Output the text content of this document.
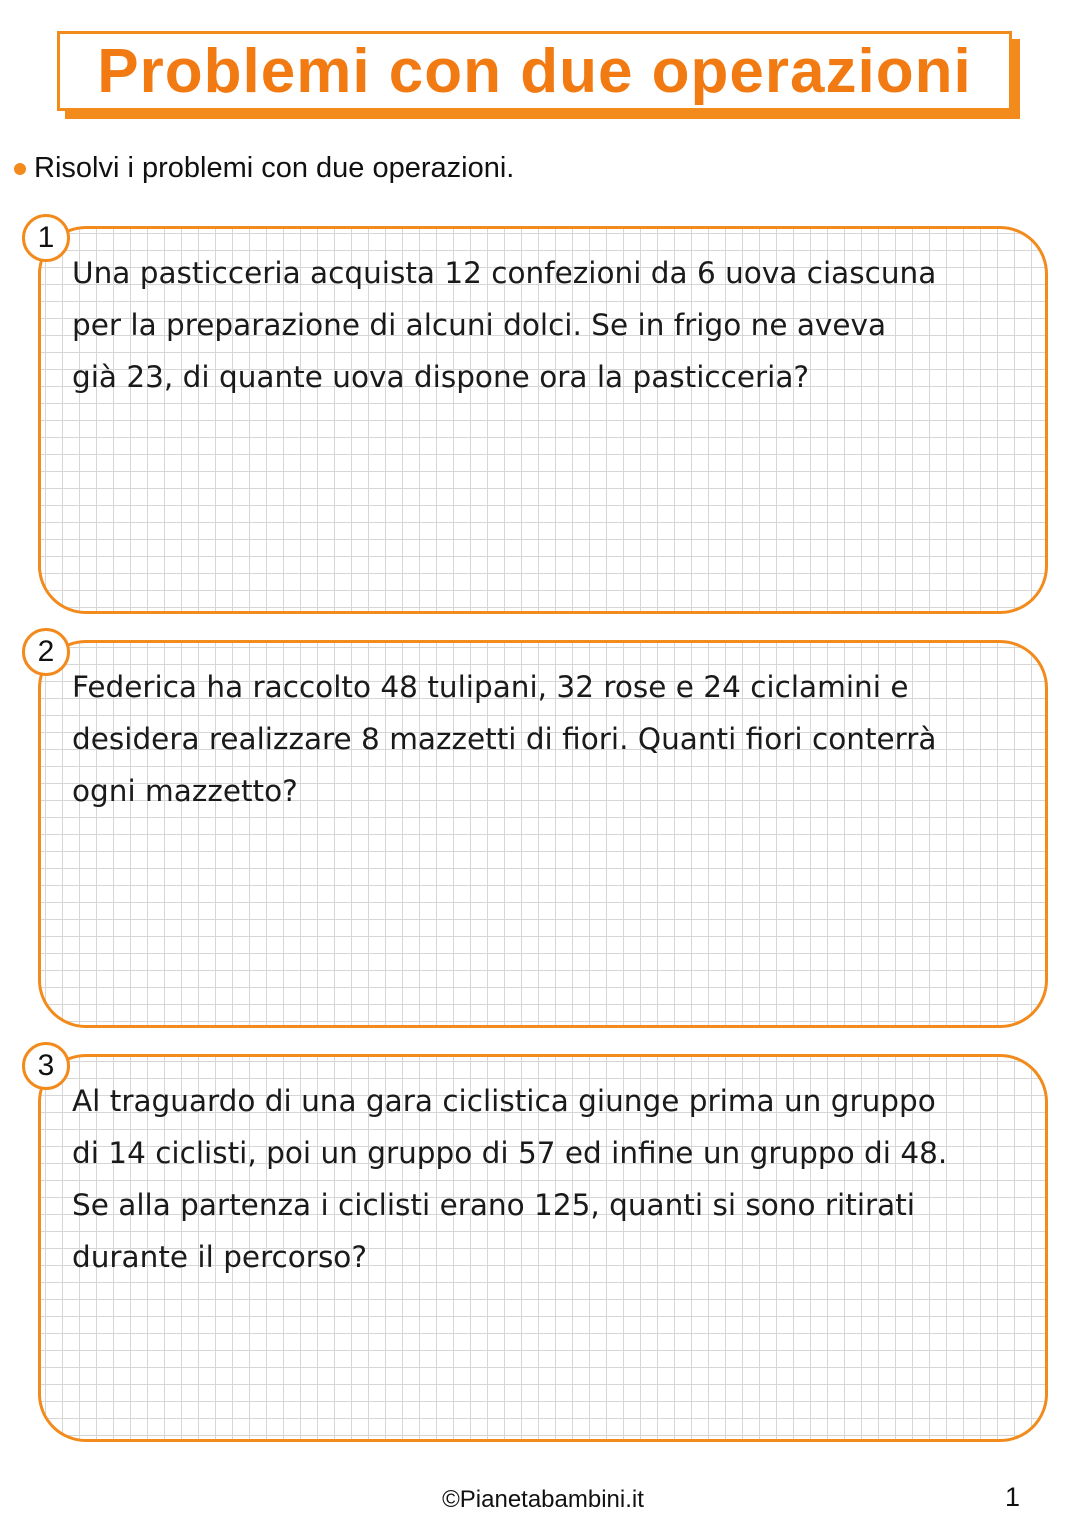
Problemi con due operazioni
Risolvi i problemi con due operazioni.
1
Una pasticceria acquista 12 confezioni da 6 uova ciascuna
per la preparazione di alcuni dolci. Se in frigo ne aveva
già 23, di quante uova dispone ora la pasticceria?
2
Federica ha raccolto 48 tulipani, 32 rose e 24 ciclamini e
desidera realizzare 8 mazzetti di fiori. Quanti fiori conterrà
ogni mazzetto?
3
Al traguardo di una gara ciclistica giunge prima un gruppo
di 14 ciclisti, poi un gruppo di 57 ed infine un gruppo di 48.
Se alla partenza i ciclisti erano 125, quanti si sono ritirati
durante il percorso?
©Pianetabambini.it	1
